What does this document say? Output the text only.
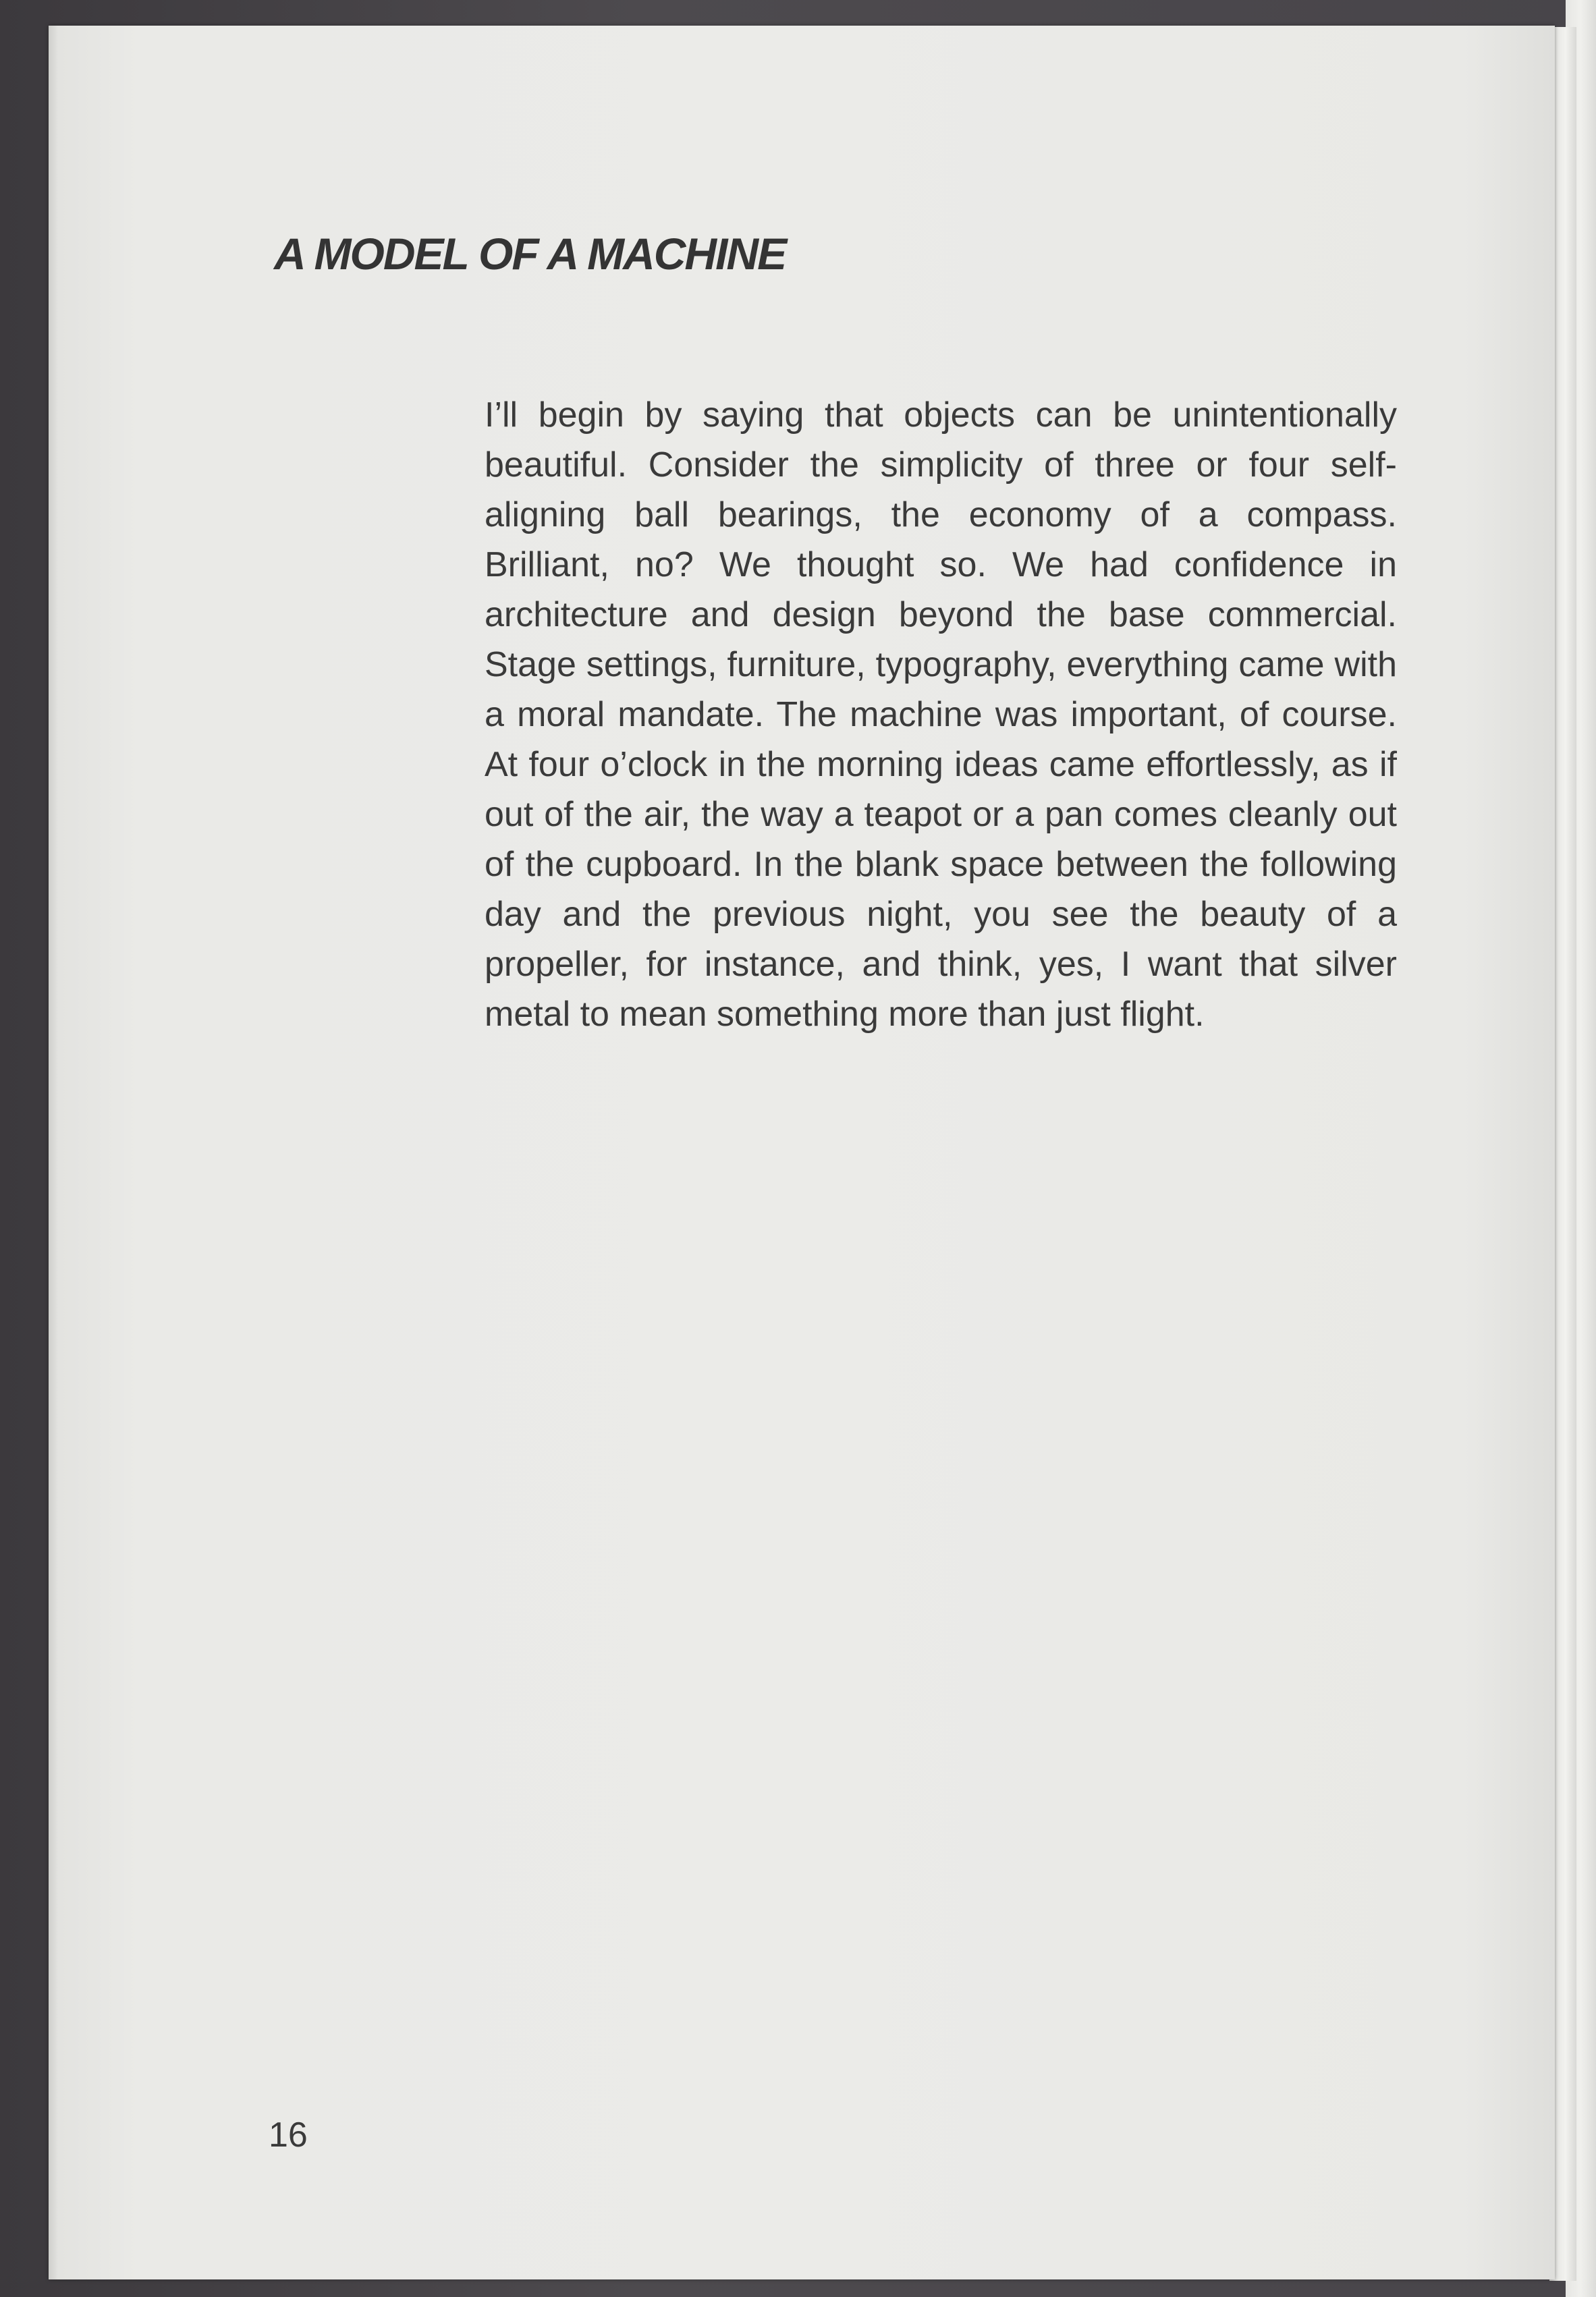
A MODEL OF A MACHINE

I’ll begin by saying that objects can be unintentionally beautiful. Consider the simplicity of three or four self-aligning ball bearings, the economy of a compass. Brilliant, no? We thought so. We had confidence in architecture and design beyond the base commercial. Stage settings, furniture, typography, everything came with a moral mandate. The machine was important, of course. At four o’clock in the morning ideas came effortlessly, as if out of the air, the way a teapot or a pan comes cleanly out of the cupboard. In the blank space between the following day and the previous night, you see the beauty of a propeller, for instance, and think, yes, I want that silver metal to mean something more than just flight.

16
